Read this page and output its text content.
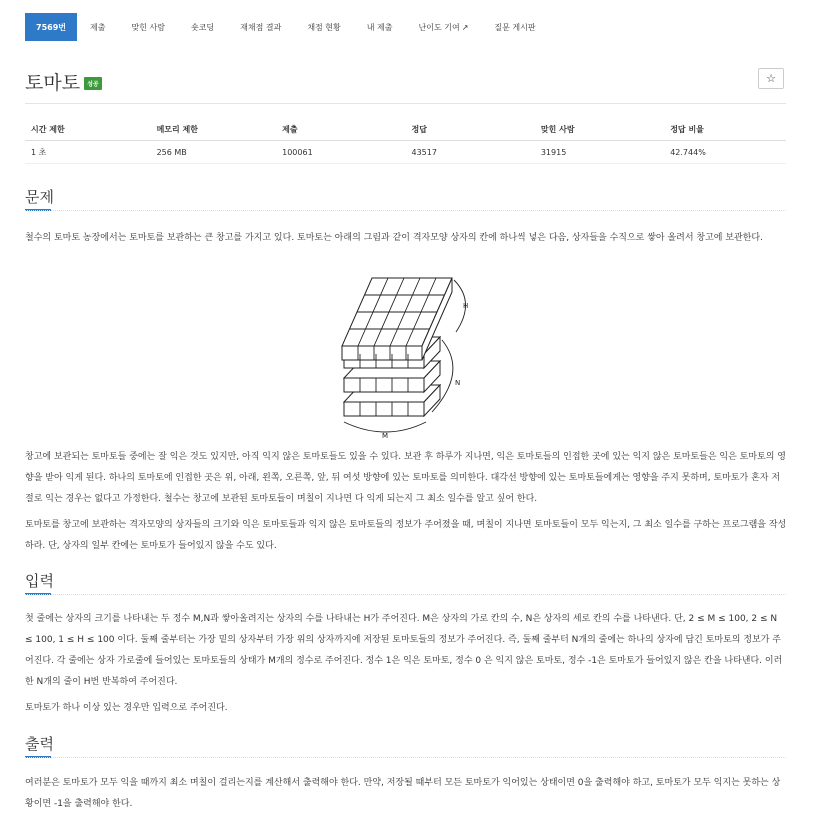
7569번	제출	맞힌 사람	숏코딩	재채점 결과	채점 현황	내 제출	난이도 기여 ↗	질문 게시판
토마토	성공	☆
시간 제한	메모리 제한	제출	정답	맞힌 사람	정답 비율
1 초	256 MB	100061	43517	31915	42.744%
문제

철수의 토마토 농장에서는 토마토를 보관하는 큰 창고를 가지고 있다. 토마토는 아래의 그림과 같이 격자모양 상자의 칸에 하나씩 넣은 다음, 상자들을 수직으로 쌓아 올려서 창고에 보관한다.

H
N
M

창고에 보관되는 토마토들 중에는 잘 익은 것도 있지만, 아직 익지 않은 토마토들도 있을 수 있다. 보관 후 하루가 지나면, 익은 토마토들의 인접한 곳에 있는 익지 않은 토마토들은 익은 토마토의 영향을 받아 익게 된다. 하나의 토마토에 인접한 곳은 위, 아래, 왼쪽, 오른쪽, 앞, 뒤 여섯 방향에 있는 토마토를 의미한다. 대각선 방향에 있는 토마토들에게는 영향을 주지 못하며, 토마토가 혼자 저절로 익는 경우는 없다고 가정한다. 철수는 창고에 보관된 토마토들이 며칠이 지나면 다 익게 되는지 그 최소 일수를 알고 싶어 한다.

토마토를 창고에 보관하는 격자모양의 상자들의 크기와 익은 토마토들과 익지 않은 토마토들의 정보가 주어졌을 때, 며칠이 지나면 토마토들이 모두 익는지, 그 최소 일수를 구하는 프로그램을 작성하라. 단, 상자의 일부 칸에는 토마토가 들어있지 않을 수도 있다.

입력

첫 줄에는 상자의 크기를 나타내는 두 정수 M,N과 쌓아올려지는 상자의 수를 나타내는 H가 주어진다. M은 상자의 가로 칸의 수, N은 상자의 세로 칸의 수를 나타낸다. 단, 2 ≤ M ≤ 100, 2 ≤ N ≤ 100, 1 ≤ H ≤ 100 이다. 둘째 줄부터는 가장 밑의 상자부터 가장 위의 상자까지에 저장된 토마토들의 정보가 주어진다. 즉, 둘째 줄부터 N개의 줄에는 하나의 상자에 담긴 토마토의 정보가 주어진다. 각 줄에는 상자 가로줄에 들어있는 토마토들의 상태가 M개의 정수로 주어진다. 정수 1은 익은 토마토, 정수 0 은 익지 않은 토마토, 정수 -1은 토마토가 들어있지 않은 칸을 나타낸다. 이러한 N개의 줄이 H번 반복하여 주어진다.

토마토가 하나 이상 있는 경우만 입력으로 주어진다.

출력

여러분은 토마토가 모두 익을 때까지 최소 며칠이 걸리는지를 계산해서 출력해야 한다. 만약, 저장될 때부터 모든 토마토가 익어있는 상태이면 0을 출력해야 하고, 토마토가 모두 익지는 못하는 상황이면 -1을 출력해야 한다.
